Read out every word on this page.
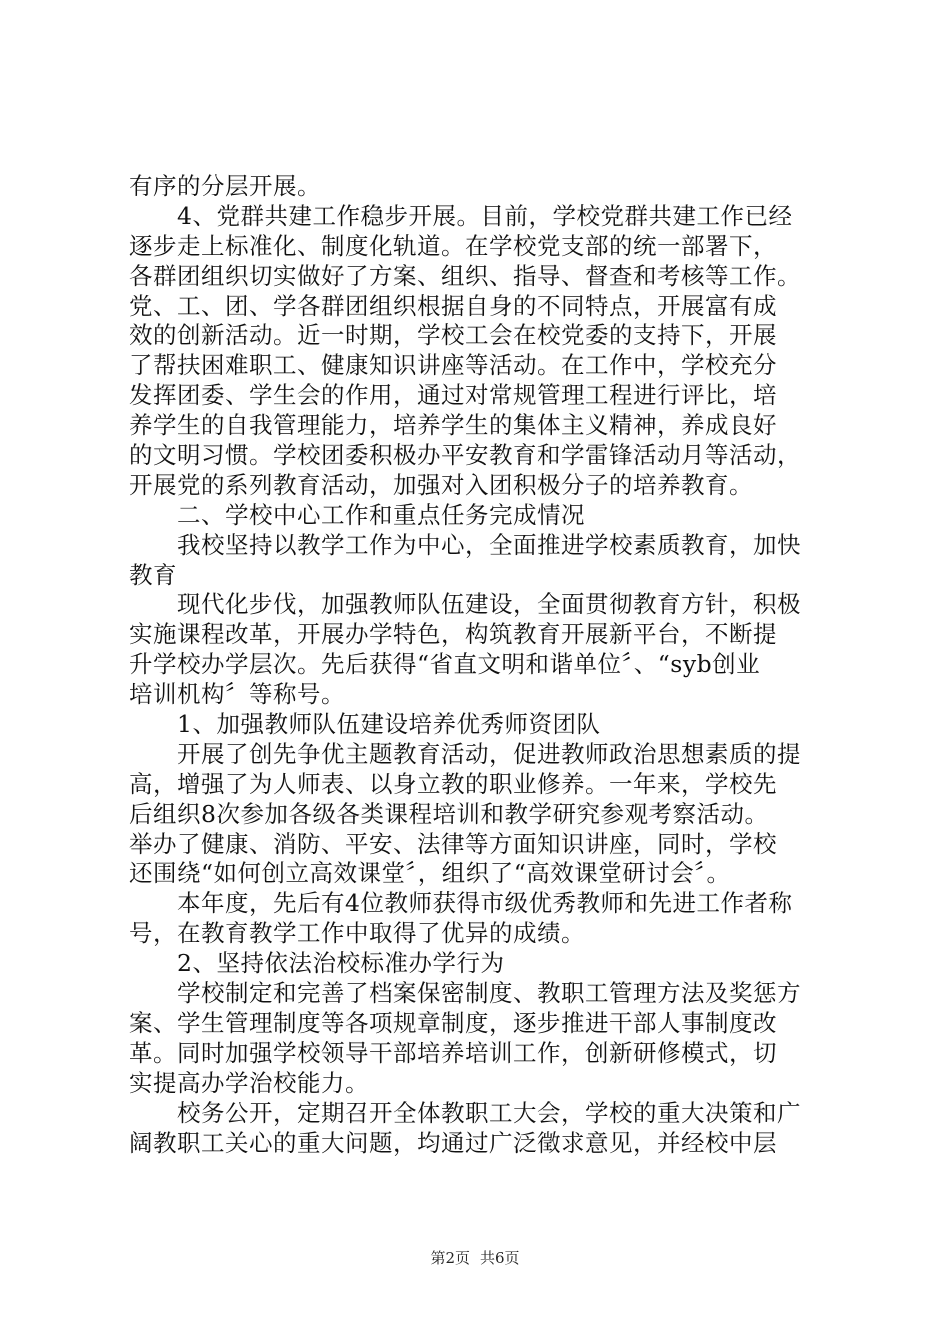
有序的分层开展。
4、党群共建工作稳步开展。目前，学校党群共建工作已经
逐步走上标准化、制度化轨道。在学校党支部的统一部署下，
各群团组织切实做好了方案、组织、指导、督查和考核等工作。
党、工、团、学各群团组织根据自身的不同特点，开展富有成
效的创新活动。近一时期，学校工会在校党委的支持下，开展
了帮扶困难职工、健康知识讲座等活动。在工作中，学校充分
发挥团委、学生会的作用，通过对常规管理工程进行评比，培
养学生的自我管理能力，培养学生的集体主义精神，养成良好
的文明习惯。学校团委积极办平安教育和学雷锋活动月等活动，
开展党的系列教育活动，加强对入团积极分子的培养教育。
二、学校中心工作和重点任务完成情况
我校坚持以教学工作为中心，全面推进学校素质教育，加快
教育
现代化步伐，加强教师队伍建设，全面贯彻教育方针，积极
实施课程改革，开展办学特色，构筑教育开展新平台，不断提
升学校办学层次。先后获得“省直文明和谐单位〞、“syb创业
培训机构〞等称号。
1、加强教师队伍建设培养优秀师资团队
开展了创先争优主题教育活动，促进教师政治思想素质的提
高，增强了为人师表、以身立教的职业修养。一年来，学校先
后组织8次参加各级各类课程培训和教学研究参观考察活动。
举办了健康、消防、平安、法律等方面知识讲座，同时，学校
还围绕“如何创立高效课堂〞，组织了“高效课堂研讨会〞。
本年度，先后有4位教师获得市级优秀教师和先进工作者称
号，在教育教学工作中取得了优异的成绩。
2、坚持依法治校标准办学行为
学校制定和完善了档案保密制度、教职工管理方法及奖惩方
案、学生管理制度等各项规章制度，逐步推进干部人事制度改
革。同时加强学校领导干部培养培训工作，创新研修模式，切
实提高办学治校能力。
校务公开，定期召开全体教职工大会，学校的重大决策和广
阔教职工关心的重大问题，均通过广泛徵求意见，并经校中层
第2页 共6页
